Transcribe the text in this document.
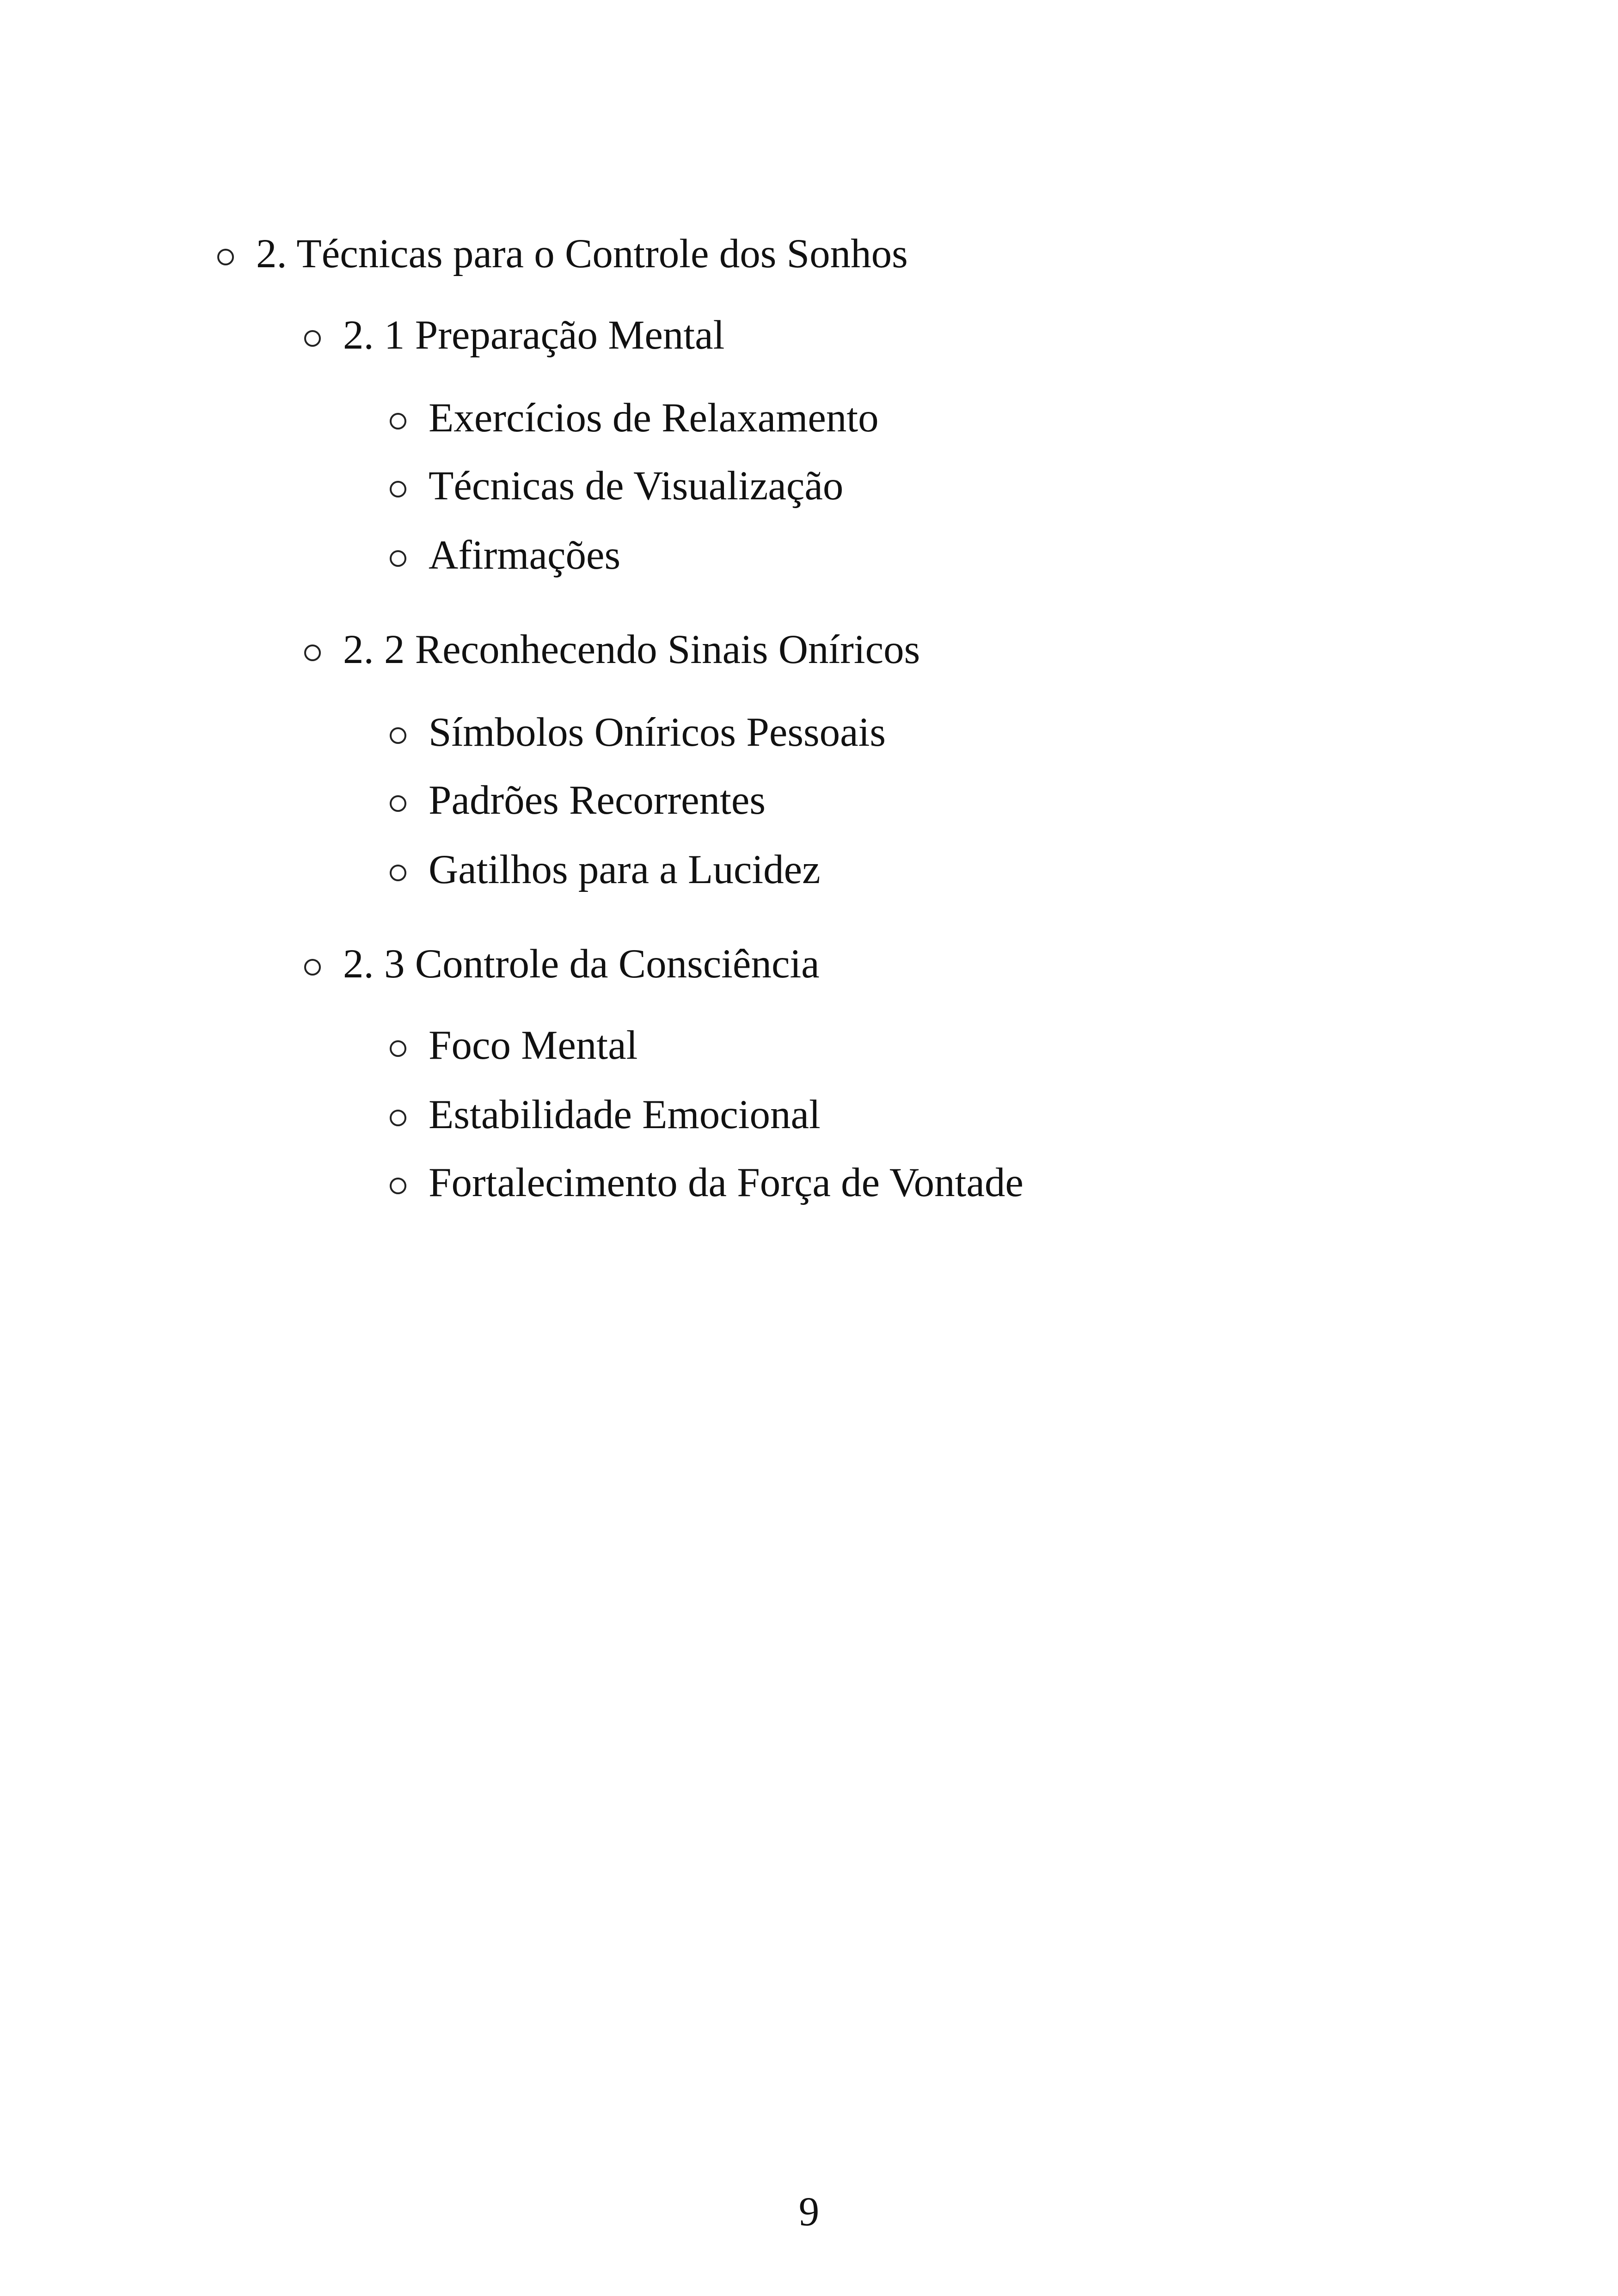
2. Técnicas para o Controle dos Sonhos
2. 1 Preparação Mental
Exercícios de Relaxamento
Técnicas de Visualização
Afirmações
2. 2 Reconhecendo Sinais Oníricos
Símbolos Oníricos Pessoais
Padrões Recorrentes
Gatilhos para a Lucidez
2. 3 Controle da Consciência
Foco Mental
Estabilidade Emocional
Fortalecimento da Força de Vontade
9
